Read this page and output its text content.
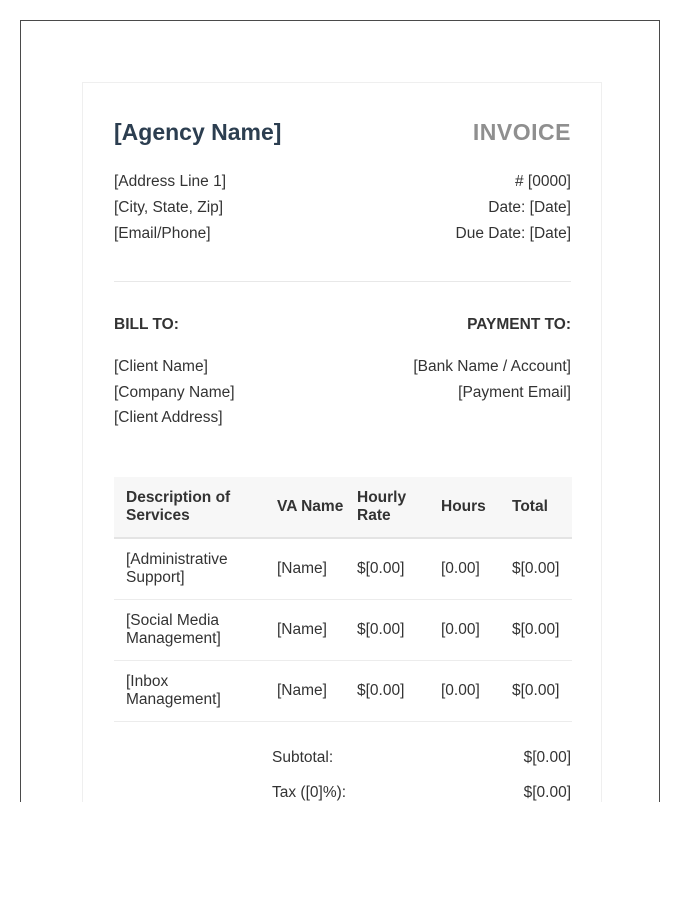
[Agency Name]	INVOICE
[Address Line 1]
[City, State, Zip]
[Email/Phone]
# [0000]
Date: [Date]
Due Date: [Date]
BILL TO:	PAYMENT TO:
[Client Name]
[Company Name]
[Client Address]
[Bank Name / Account]
[Payment Email]
Description of Services	VA Name	Hourly Rate	Hours	Total
[Administrative Support]	[Name]	$[0.00]	[0.00]	$[0.00]
[Social Media Management]	[Name]	$[0.00]	[0.00]	$[0.00]
[Inbox Management]	[Name]	$[0.00]	[0.00]	$[0.00]
Subtotal:	$[0.00]
Tax ([0]%):	$[0.00]
